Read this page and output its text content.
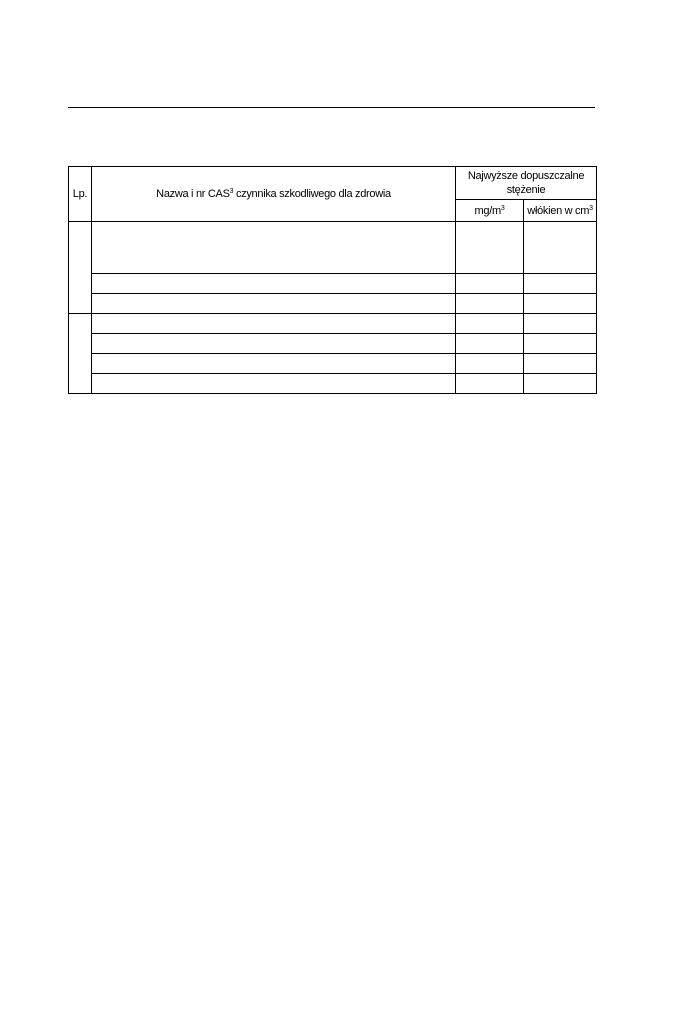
Lp.	Nazwa i nr CAS$^3$ czynnika szkodliwego dla zdrowia	Najwyższe dopuszczalne stężenie	
		$mg/m^3$	włókien w $cm^3$
